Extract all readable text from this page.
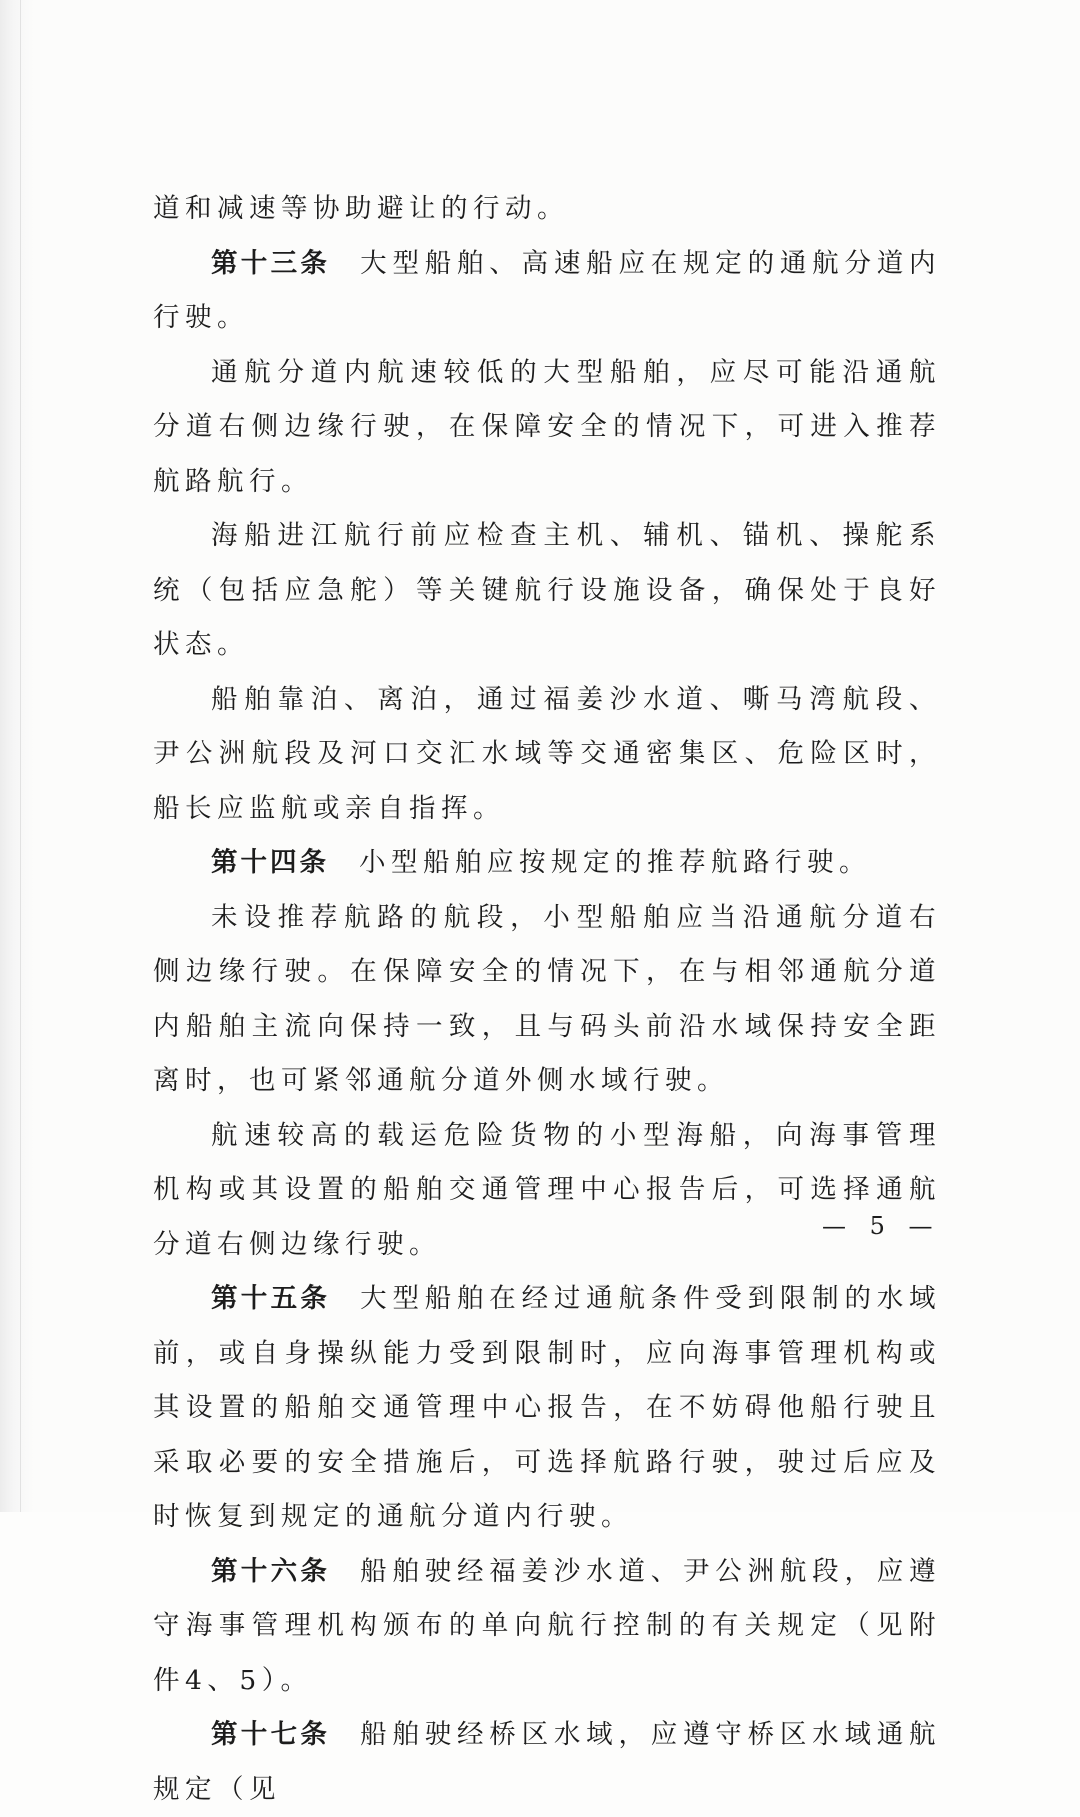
道和减速等协助避让的行动。

第十三条 大型船舶、高速船应在规定的通航分道内行驶。

通航分道内航速较低的大型船舶，应尽可能沿通航分道右侧边缘行驶，在保障安全的情况下，可进入推荐航路航行。

海船进江航行前应检查主机、辅机、锚机、操舵系统（包括应急舵）等关键航行设施设备，确保处于良好状态。

船舶靠泊、离泊，通过福姜沙水道、嘶马湾航段、尹公洲航段及河口交汇水域等交通密集区、危险区时，船长应监航或亲自指挥。

第十四条 小型船舶应按规定的推荐航路行驶。

未设推荐航路的航段，小型船舶应当沿通航分道右侧边缘行驶。在保障安全的情况下，在与相邻通航分道内船舶主流向保持一致，且与码头前沿水域保持安全距离时，也可紧邻通航分道外侧水域行驶。

航速较高的载运危险货物的小型海船，向海事管理机构或其设置的船舶交通管理中心报告后，可选择通航分道右侧边缘行驶。

第十五条 大型船舶在经过通航条件受到限制的水域前，或自身操纵能力受到限制时，应向海事管理机构或其设置的船舶交通管理中心报告，在不妨碍他船行驶且采取必要的安全措施后，可选择航路行驶，驶过后应及时恢复到规定的通航分道内行驶。

第十六条 船舶驶经福姜沙水道、尹公洲航段，应遵守海事管理机构颁布的单向航行控制的有关规定（见附件4、5）。

第十七条 船舶驶经桥区水域，应遵守桥区水域通航规定（见

— 5 —
